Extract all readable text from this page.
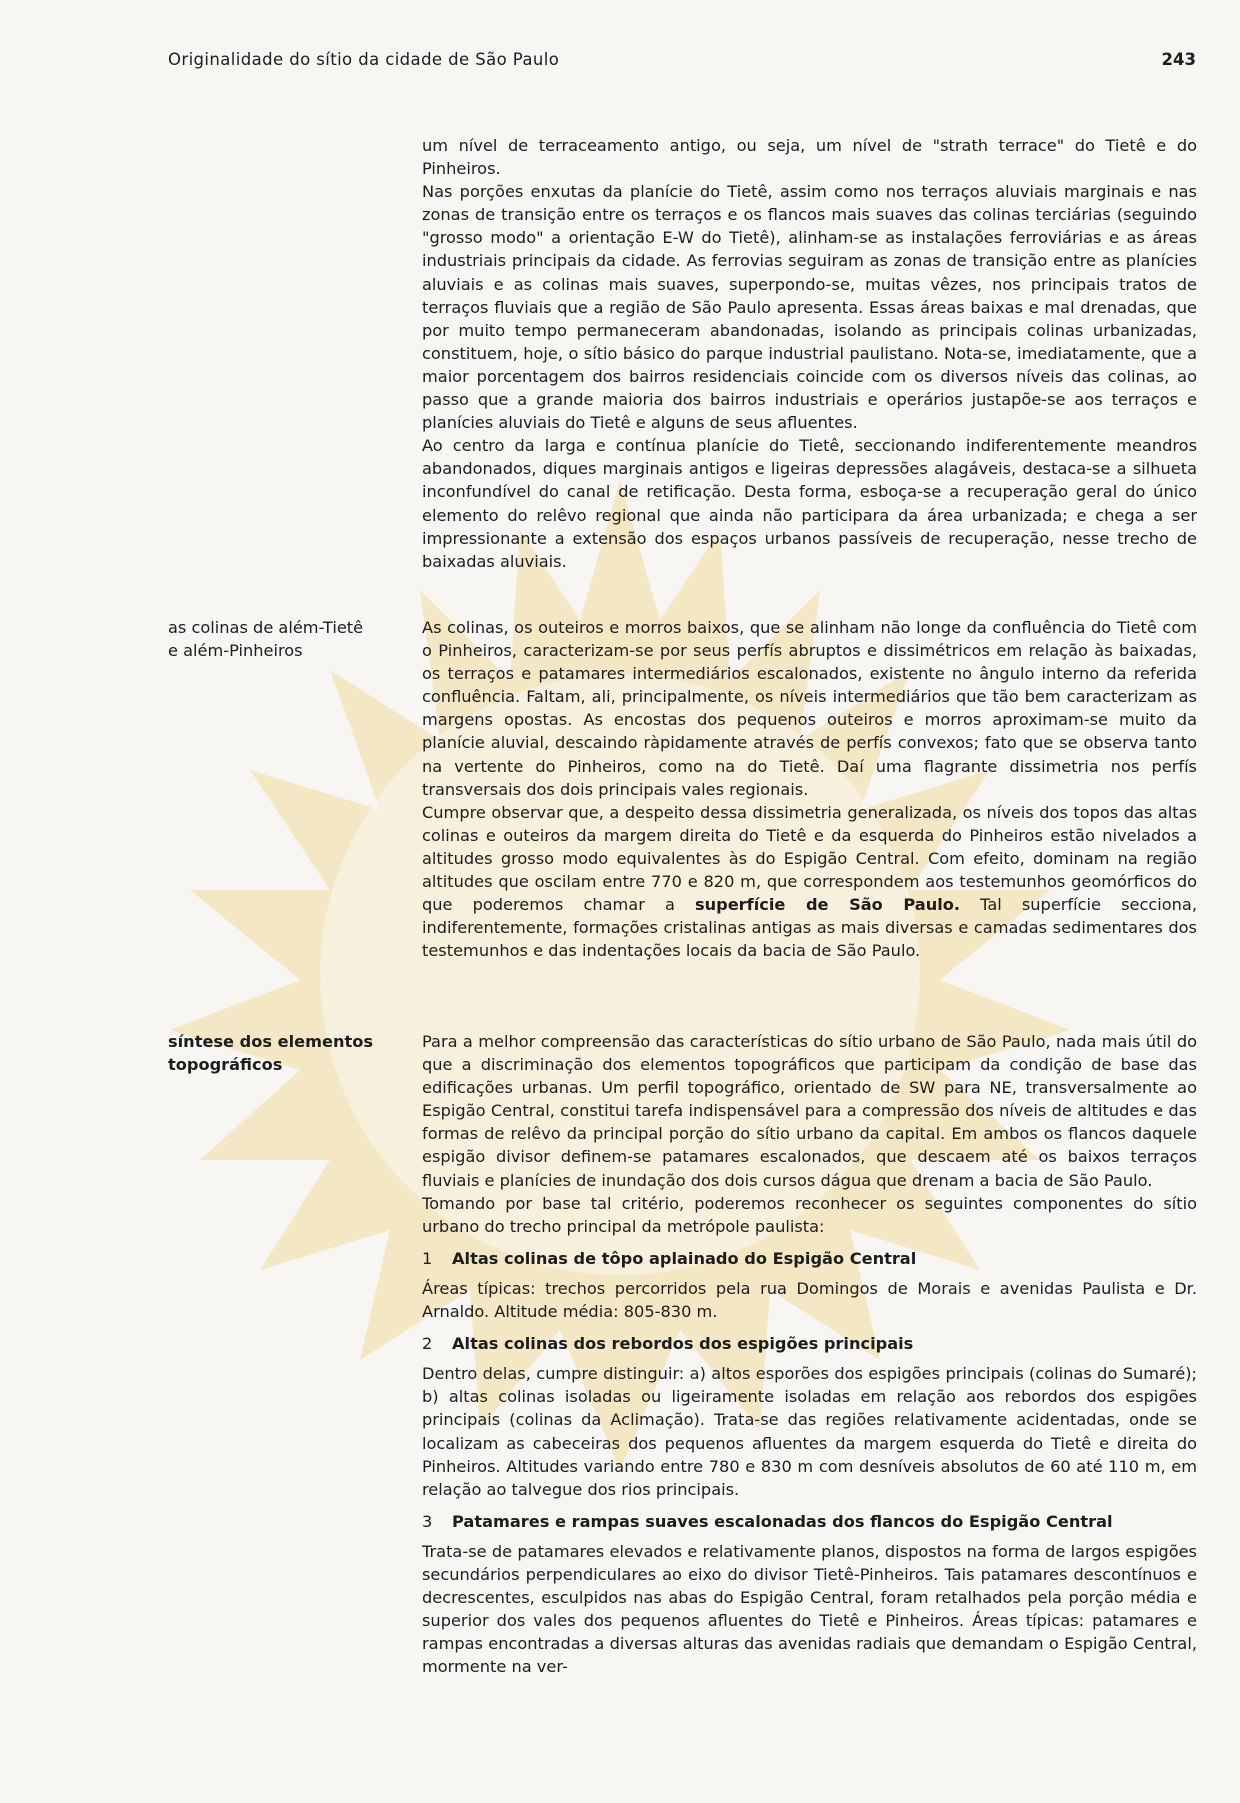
Originalidade do sítio da cidade de São Paulo	243

um nível de terraceamento antigo, ou seja, um nível de "strath terrace" do Tietê e do Pinheiros.

Nas porções enxutas da planície do Tietê, assim como nos terraços aluviais marginais e nas zonas de transição entre os terraços e os flancos mais suaves das colinas terciárias (seguindo "grosso modo" a orientação E-W do Tietê), alinham-se as instalações ferroviárias e as áreas industriais principais da cidade. As ferrovias seguiram as zonas de transição entre as planícies aluviais e as colinas mais suaves, superpondo-se, muitas vêzes, nos principais tratos de terraços fluviais que a região de São Paulo apresenta. Essas áreas baixas e mal drenadas, que por muito tempo permaneceram abandonadas, isolando as principais colinas urbanizadas, constituem, hoje, o sítio básico do parque industrial paulistano. Nota-se, imediatamente, que a maior porcentagem dos bairros residenciais coincide com os diversos níveis das colinas, ao passo que a grande maioria dos bairros industriais e operários justapõe-se aos terraços e planícies aluviais do Tietê e alguns de seus afluentes.

Ao centro da larga e contínua planície do Tietê, seccionando indiferentemente meandros abandonados, diques marginais antigos e ligeiras depressões alagáveis, destaca-se a silhueta inconfundível do canal de retificação. Desta forma, esboça-se a recuperação geral do único elemento do relêvo regional que ainda não participara da área urbanizada; e chega a ser impressionante a extensão dos espaços urbanos passíveis de recuperação, nesse trecho de baixadas aluviais.

as colinas de além-Tietê
e além-Pinheiros

As colinas, os outeiros e morros baixos, que se alinham não longe da confluência do Tietê com o Pinheiros, caracterizam-se por seus perfís abruptos e dissimétricos em relação às baixadas, os terraços e patamares intermediários escalonados, existente no ângulo interno da referida confluência. Faltam, ali, principalmente, os níveis intermediários que tão bem caracterizam as margens opostas. As encostas dos pequenos outeiros e morros aproximam-se muito da planície aluvial, descaindo ràpidamente através de perfís convexos; fato que se observa tanto na vertente do Pinheiros, como na do Tietê. Daí uma flagrante dissimetria nos perfís transversais dos dois principais vales regionais.

Cumpre observar que, a despeito dessa dissimetria generalizada, os níveis dos topos das altas colinas e outeiros da margem direita do Tietê e da esquerda do Pinheiros estão nivelados a altitudes grosso modo equivalentes às do Espigão Central. Com efeito, dominam na região altitudes que oscilam entre 770 e 820 m, que correspondem aos testemunhos geomórficos do que poderemos chamar a superfície de São Paulo. Tal superfície secciona, indiferentemente, formações cristalinas antigas as mais diversas e camadas sedimentares dos testemunhos e das indentações locais da bacia de São Paulo.

síntese dos elementos
topográficos

Para a melhor compreensão das características do sítio urbano de São Paulo, nada mais útil do que a discriminação dos elementos topográficos que participam da condição de base das edificações urbanas. Um perfil topográfico, orientado de SW para NE, transversalmente ao Espigão Central, constitui tarefa indispensável para a compressão dos níveis de altitudes e das formas de relêvo da principal porção do sítio urbano da capital. Em ambos os flancos daquele espigão divisor definem-se patamares escalonados, que descaem até os baixos terraços fluviais e planícies de inundação dos dois cursos dágua que drenam a bacia de São Paulo.

Tomando por base tal critério, poderemos reconhecer os seguintes componentes do sítio urbano do trecho principal da metrópole paulista:

1 Altas colinas de tôpo aplainado do Espigão Central

Áreas típicas: trechos percorridos pela rua Domingos de Morais e avenidas Paulista e Dr. Arnaldo. Altitude média: 805-830 m.

2 Altas colinas dos rebordos dos espigões principais

Dentro delas, cumpre distinguir: a) altos esporões dos espigões principais (colinas do Sumaré); b) altas colinas isoladas ou ligeiramente isoladas em relação aos rebordos dos espigões principais (colinas da Aclimação). Trata-se das regiões relativamente acidentadas, onde se localizam as cabeceiras dos pequenos afluentes da margem esquerda do Tietê e direita do Pinheiros. Altitudes variando entre 780 e 830 m com desníveis absolutos de 60 até 110 m, em relação ao talvegue dos rios principais.

3 Patamares e rampas suaves escalonadas dos flancos do Espigão Central

Trata-se de patamares elevados e relativamente planos, dispostos na forma de largos espigões secundários perpendiculares ao eixo do divisor Tietê-Pinheiros. Tais patamares descontínuos e decrescentes, esculpidos nas abas do Espigão Central, foram retalhados pela porção média e superior dos vales dos pequenos afluentes do Tietê e Pinheiros. Áreas típicas: patamares e rampas encontradas a diversas alturas das avenidas radiais que demandam o Espigão Central, mormente na ver-
